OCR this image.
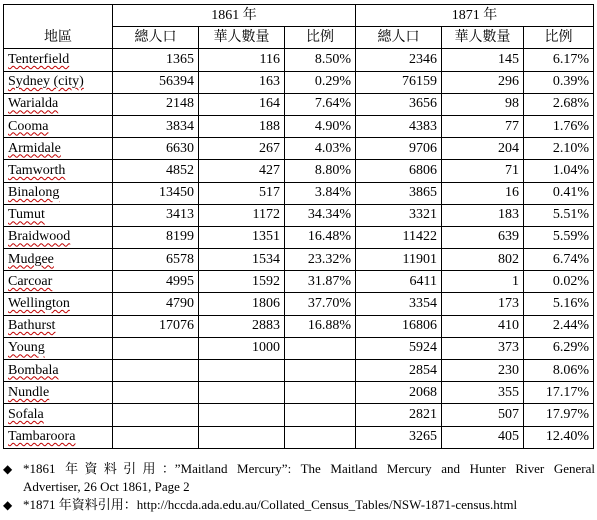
地區	1861 年			1871 年		
	總人口	華人數量	比例	總人口	華人數量	比例
Tenterfield	1365	116	8.50%	2346	145	6.17%
Sydney (city)	56394	163	0.29%	76159	296	0.39%
Warialda	2148	164	7.64%	3656	98	2.68%
Cooma	3834	188	4.90%	4383	77	1.76%
Armidale	6630	267	4.03%	9706	204	2.10%
Tamworth	4852	427	8.80%	6806	71	1.04%
Binalong	13450	517	3.84%	3865	16	0.41%
Tumut	3413	1172	34.34%	3321	183	5.51%
Braidwood	8199	1351	16.48%	11422	639	5.59%
Mudgee	6578	1534	23.32%	11901	802	6.74%
Carcoar	4995	1592	31.87%	6411	1	0.02%
Wellington	4790	1806	37.70%	3354	173	5.16%
Bathurst	17076	2883	16.88%	16806	410	2.44%
Young		1000		5924	373	6.29%
Bombala				2854	230	8.06%
Nundle				2068	355	17.17%
Sofala				2821	507	17.97%
Tambaroora				3265	405	12.40%
◆ *1861 年資料引用：”Maitland Mercury”: The Maitland Mercury and Hunter River General
Advertiser, 26 Oct 1861, Page 2
◆ *1871 年資料引用：http://hccda.ada.edu.au/Collated_Census_Tables/NSW-1871-census.html
